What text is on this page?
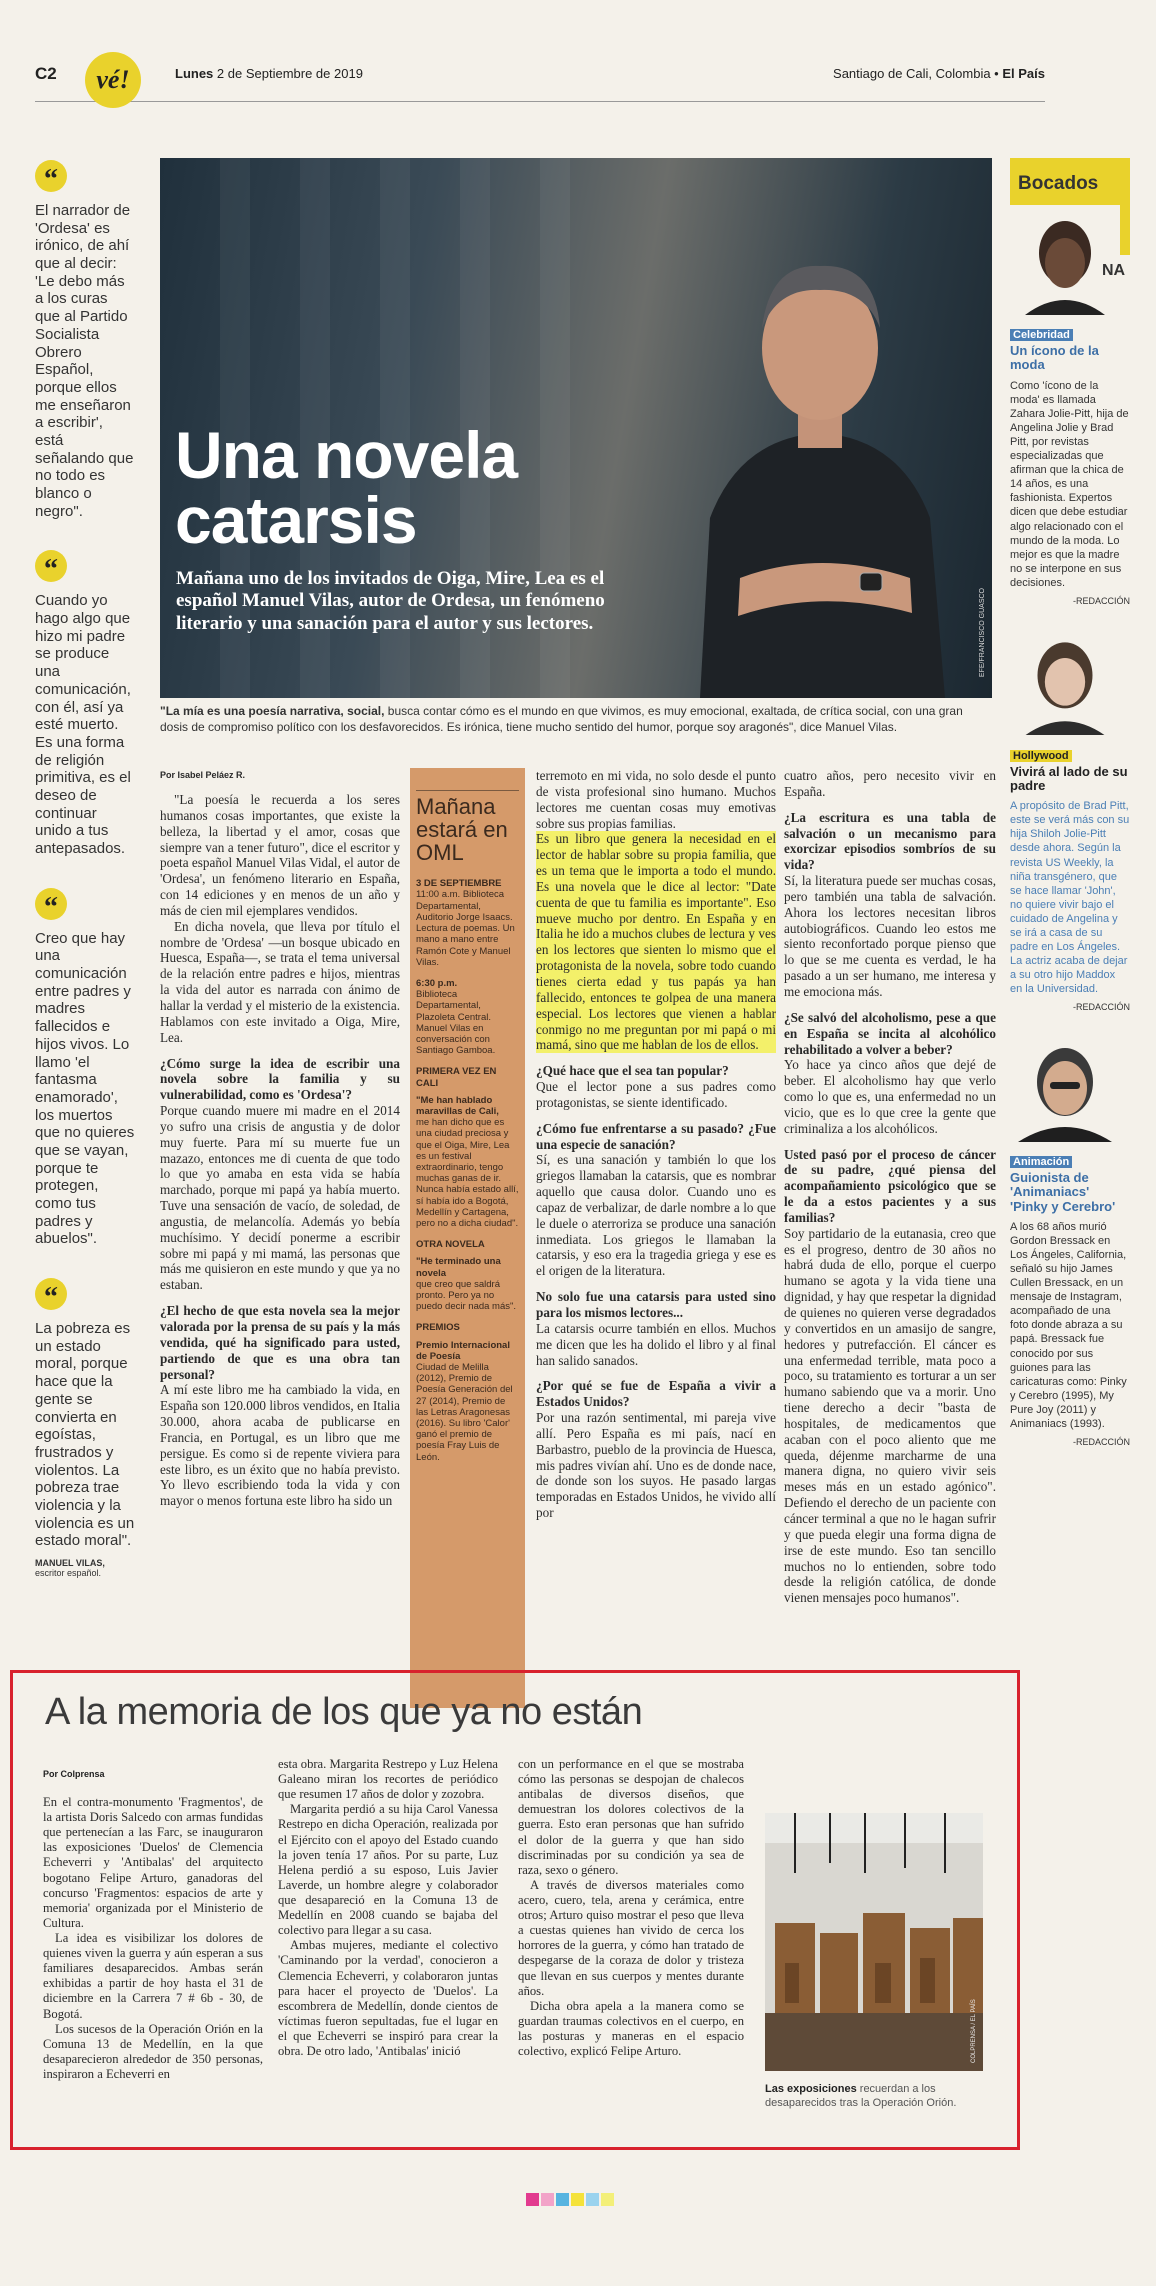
C2	vé!	Lunes 2 de Septiembre de 2019	Santiago de Cali, Colombia • El País
“
El narrador de 'Ordesa' es irónico, de ahí que al decir: 'Le debo más a los curas que al Partido Socialista Obrero Español, porque ellos me enseñaron a escribir', está señalando que no todo es blanco o negro".
“
Cuando yo hago algo que hizo mi padre se produce una comunicación, con él, así ya esté muerto. Es una forma de religión primitiva, es el deseo de continuar unido a tus antepasados.
“
Creo que hay una comunicación entre padres y madres fallecidos e hijos vivos. Lo llamo 'el fantasma enamorado', los muertos que no quieres que se vayan, porque te protegen, como tus padres y abuelos".
“
La pobreza es un estado moral, porque hace que la gente se convierta en egoístas, frustrados y violentos. La pobreza trae violencia y la violencia es un estado moral".
MANUEL VILAS,
escritor español.
Una novela
catarsis
Mañana uno de los invitados de Oiga, Mire, Lea es el español Manuel Vilas, autor de Ordesa, un fenómeno literario y una sanación para el autor y sus lectores.	EFE/FRANCISCO GUASCO
"La mía es una poesía narrativa, social, busca contar cómo es el mundo en que vivimos, es muy emocional, exaltada, de crítica social, con una gran dosis de compromiso político con los desfavorecidos. Es irónica, tiene mucho sentido del humor, porque soy aragonés", dice Manuel Vilas.
Por Isabel Peláez R.

"La poesía le recuerda a los seres humanos cosas importantes, que existe la belleza, la libertad y el amor, cosas que siempre van a tener futuro", dice el escritor y poeta español Manuel Vilas Vidal, el autor de 'Ordesa', un fenómeno literario en España, con 14 ediciones y en menos de un año y más de cien mil ejemplares vendidos.

En dicha novela, que lleva por título el nombre de 'Ordesa' —un bosque ubicado en Huesca, España—, se trata el tema universal de la relación entre padres e hijos, mientras la vida del autor es narrada con ánimo de hallar la verdad y el misterio de la existencia. Hablamos con este invitado a Oiga, Mire, Lea.

¿Cómo surge la idea de escribir una novela sobre la familia y su vulnerabilidad, como es 'Ordesa'?

Porque cuando muere mi madre en el 2014 yo sufro una crisis de angustia y de dolor muy fuerte. Para mí su muerte fue un mazazo, entonces me di cuenta de que todo lo que yo amaba en esta vida se había marchado, porque mi papá ya había muerto. Tuve una sensación de vacío, de soledad, de angustia, de melancolía. Además yo bebía muchísimo. Y decidí ponerme a escribir sobre mi papá y mi mamá, las personas que más me quisieron en este mundo y que ya no estaban.

¿El hecho de que esta novela sea la mejor valorada por la prensa de su país y la más vendida, qué ha significado para usted, partiendo de que es una obra tan personal?

A mí este libro me ha cambiado la vida, en España son 120.000 libros vendidos, en Italia 30.000, ahora acaba de publicarse en Francia, en Portugal, es un libro que me persigue. Es como si de repente viviera para este libro, es un éxito que no había previsto. Yo llevo escribiendo toda la vida y con mayor o menos fortuna este libro ha sido un

terremoto en mi vida, no solo desde el punto de vista profesional sino humano. Muchos lectores me cuentan cosas muy emotivas sobre sus propias familias.

Es un libro que genera la necesidad en el lector de hablar sobre su propia familia, que es un tema que le importa a todo el mundo. Es una novela que le dice al lector: "Date cuenta de que tu familia es importante". Eso mueve mucho por dentro. En España y en Italia he ido a muchos clubes de lectura y ves en los lectores que sienten lo mismo que el protagonista de la novela, sobre todo cuando tienes cierta edad y tus papás ya han fallecido, entonces te golpea de una manera especial. Los lectores que vienen a hablar conmigo no me preguntan por mi papá o mi mamá, sino que me hablan de los de ellos.

¿Qué hace que el sea tan popular?

Que el lector pone a sus padres como protagonistas, se siente identificado.

¿Cómo fue enfrentarse a su pasado? ¿Fue una especie de sanación?

Sí, es una sanación y también lo que los griegos llamaban la catarsis, que es nombrar aquello que causa dolor. Cuando uno es capaz de verbalizar, de darle nombre a lo que le duele o aterroriza se produce una sanación inmediata. Los griegos le llamaban la catarsis, y eso era la tragedia griega y ese es el origen de la literatura.

No solo fue una catarsis para usted sino para los mismos lectores...

La catarsis ocurre también en ellos. Muchos me dicen que les ha dolido el libro y al final han salido sanados.

¿Por qué se fue de España a vivir a Estados Unidos?

Por una razón sentimental, mi pareja vive allí. Pero España es mi país, nací en Barbastro, pueblo de la provincia de Huesca, mis padres vivían ahí. Uno es de donde nace, de donde son los suyos. He pasado largas temporadas en Estados Unidos, he vivido allí por

cuatro años, pero necesito vivir en España.

¿La escritura es una tabla de salvación o un mecanismo para exorcizar episodios sombríos de su vida?

Sí, la literatura puede ser muchas cosas, pero también una tabla de salvación. Ahora los lectores necesitan libros autobiográficos. Cuando leo estos me siento reconfortado porque pienso que lo que se me cuenta es verdad, le ha pasado a un ser humano, me interesa y me emociona más.

¿Se salvó del alcoholismo, pese a que en España se incita al alcohólico rehabilitado a volver a beber?

Yo hace ya cinco años que dejé de beber. El alcoholismo hay que verlo como lo que es, una enfermedad no un vicio, que es lo que cree la gente que criminaliza a los alcohólicos.

Usted pasó por el proceso de cáncer de su padre, ¿qué piensa del acompañamiento psicológico que se le da a estos pacientes y a sus familias?

Soy partidario de la eutanasia, creo que es el progreso, dentro de 30 años no habrá duda de ello, porque el cuerpo humano se agota y la vida tiene una dignidad, y hay que respetar la dignidad de quienes no quieren verse degradados y convertidos en un amasijo de sangre, hedores y putrefacción. El cáncer es una enfermedad terrible, mata poco a poco, su tratamiento es torturar a un ser humano sabiendo que va a morir. Uno tiene derecho a decir "basta de hospitales, de medicamentos que acaban con el poco aliento que me queda, déjenme marcharme de una manera digna, no quiero vivir seis meses más en un estado agónico". Defiendo el derecho de un paciente con cáncer terminal a que no le hagan sufrir y que pueda elegir una forma digna de irse de este mundo. Eso tan sencillo muchos no lo entienden, sobre todo desde la religión católica, de donde vienen mensajes poco humanos".

Mañana estará en OML
3 DE SEPTIEMBRE
11:00 a.m. Biblioteca Departamental, Auditorio Jorge Isaacs. Lectura de poemas. Un mano a mano entre Ramón Cote y Manuel Vilas.
6:30 p.m.
Biblioteca Departamental, Plazoleta Central. Manuel Vilas en conversación con Santiago Gamboa.
PRIMERA VEZ EN CALI
"Me han hablado maravillas de Cali,
me han dicho que es una ciudad preciosa y que el Oiga, Mire, Lea es un festival extraordinario, tengo muchas ganas de ir. Nunca había estado allí, sí había ido a Bogotá, Medellín y Cartagena, pero no a dicha ciudad".
OTRA NOVELA
"He terminado una novela
que creo que saldrá pronto. Pero ya no puedo decir nada más".
PREMIOS
Premio Internacional de Poesía
Ciudad de Melilla (2012), Premio de Poesía Generación del 27 (2014), Premio de las Letras Aragonesas (2016). Su libro 'Calor' ganó el premio de poesía Fray Luis de León.
Bocados
NA
Celebridad
Un ícono de la moda
Como 'ícono de la moda' es llamada Zahara Jolie-Pitt, hija de Angelina Jolie y Brad Pitt, por revistas especializadas que afirman que la chica de 14 años, es una fashionista. Expertos dicen que debe estudiar algo relacionado con el mundo de la moda. Lo mejor es que la madre no se interpone en sus decisiones.
-REDACCIÓN
Hollywood
Vivirá al lado de su padre
A propósito de Brad Pitt, este se verá más con su hija Shiloh Jolie-Pitt desde ahora. Según la revista US Weekly, la niña transgénero, que se hace llamar 'John', no quiere vivir bajo el cuidado de Angelina y se irá a casa de su padre en Los Ángeles. La actriz acaba de dejar a su otro hijo Maddox en la Universidad.
-REDACCIÓN
Animación
Guionista de 'Animaniacs' 'Pinky y Cerebro'
A los 68 años murió Gordon Bressack en Los Ángeles, California, señaló su hijo James Cullen Bressack, en un mensaje de Instagram, acompañado de una foto donde abraza a su papá. Bressack fue conocido por sus guiones para las caricaturas como: Pinky y Cerebro (1995), My Pure Joy (2011) y Animaniacs (1993).
-REDACCIÓN
A la memoria de los que ya no están
Por Colprensa

En el contra-monumento 'Fragmentos', de la artista Doris Salcedo con armas fundidas que pertenecían a las Farc, se inauguraron las exposiciones 'Duelos' de Clemencia Echeverri y 'Antibalas' del arquitecto bogotano Felipe Arturo, ganadoras del concurso 'Fragmentos: espacios de arte y memoria' organizada por el Ministerio de Cultura.

La idea es visibilizar los dolores de quienes viven la guerra y aún esperan a sus familiares desaparecidos. Ambas serán exhibidas a partir de hoy hasta el 31 de diciembre en la Carrera 7 # 6b - 30, de Bogotá.

Los sucesos de la Operación Orión en la Comuna 13 de Medellín, en la que desaparecieron alrededor de 350 personas, inspiraron a Echeverri en

esta obra. Margarita Restrepo y Luz Helena Galeano miran los recortes de periódico que resumen 17 años de dolor y zozobra.

Margarita perdió a su hija Carol Vanessa Restrepo en dicha Operación, realizada por el Ejército con el apoyo del Estado cuando la joven tenía 17 años. Por su parte, Luz Helena perdió a su esposo, Luis Javier Laverde, un hombre alegre y colaborador que desapareció en la Comuna 13 de Medellín en 2008 cuando se bajaba del colectivo para llegar a su casa.

Ambas mujeres, mediante el colectivo 'Caminando por la verdad', conocieron a Clemencia Echeverri, y colaboraron juntas para hacer el proyecto de 'Duelos'. La escombrera de Medellín, donde cientos de víctimas fueron sepultadas, fue el lugar en el que Echeverri se inspiró para crear la obra. De otro lado, 'Antibalas' inició

con un performance en el que se mostraba cómo las personas se despojan de chalecos antibalas de diversos diseños, que demuestran los dolores colectivos de la guerra. Esto eran personas que han sufrido el dolor de la guerra y que han sido discriminadas por su condición ya sea de raza, sexo o género.

A través de diversos materiales como acero, cuero, tela, arena y cerámica, entre otros; Arturo quiso mostrar el peso que lleva a cuestas quienes han vivido de cerca los horrores de la guerra, y cómo han tratado de despegarse de la coraza de dolor y tristeza que llevan en sus cuerpos y mentes durante años.

Dicha obra apela a la manera como se guardan traumas colectivos en el cuerpo, en las posturas y maneras en el espacio colectivo, explicó Felipe Arturo.	COLPRENSA / EL PAÍS
Las exposiciones recuerdan a los desaparecidos tras la Operación Orión.
